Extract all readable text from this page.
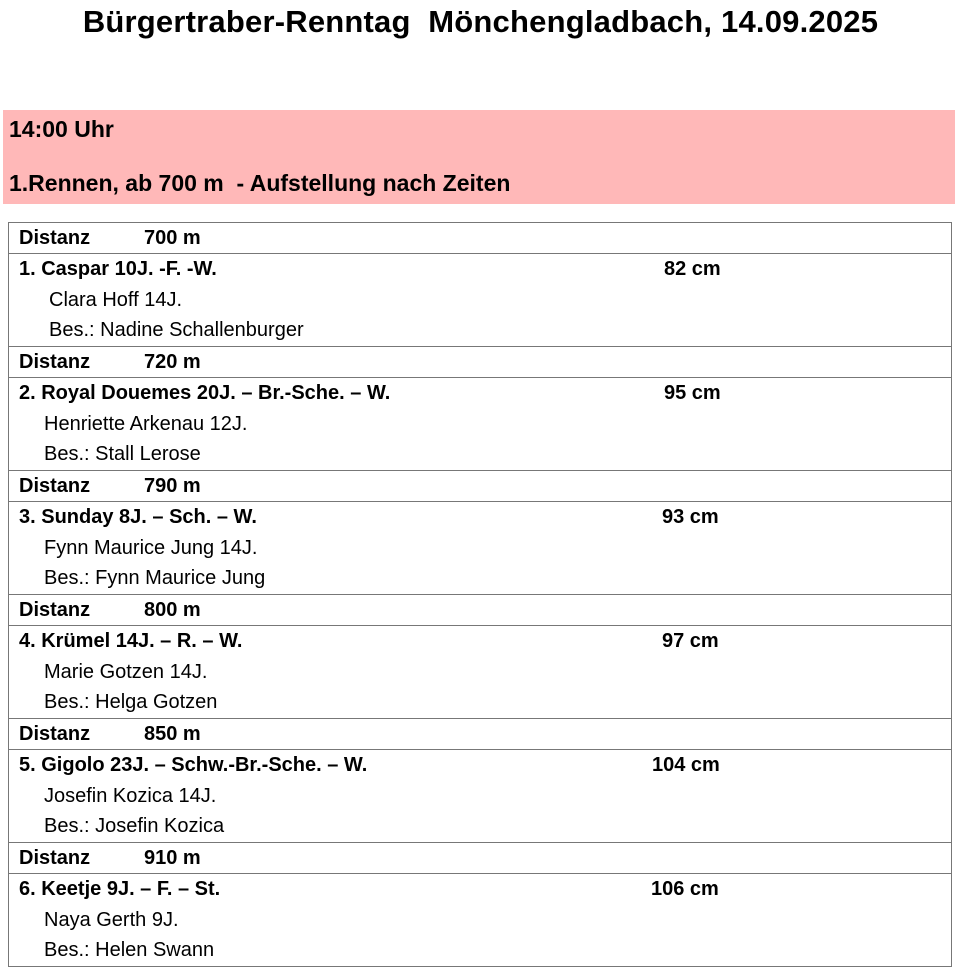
Bürgertraber-Renntag  Mönchengladbach, 14.09.2025
14:00 Uhr
1.Rennen, ab 700 m  - Aufstellung nach Zeiten
Distanz	700 m

1. Caspar 10J. -F. -W.	82 cm
Clara Hoff 14J.
Bes.: Nadine Schallenburger

Distanz	720 m

2. Royal Douemes 20J. – Br.-Sche. – W.	95 cm
Henriette Arkenau 12J.
Bes.: Stall Lerose

Distanz	790 m

3. Sunday 8J. – Sch. – W.	93 cm
Fynn Maurice Jung 14J.
Bes.: Fynn Maurice Jung

Distanz	800 m

4. Krümel 14J. – R. – W.	97 cm
Marie Gotzen 14J.
Bes.: Helga Gotzen

Distanz	850 m

5. Gigolo 23J. – Schw.-Br.-Sche. – W.	104 cm
Josefin Kozica 14J.
Bes.: Josefin Kozica

Distanz	910 m

6. Keetje 9J. – F. – St.	106 cm
Naya Gerth 9J.
Bes.: Helen Swann
